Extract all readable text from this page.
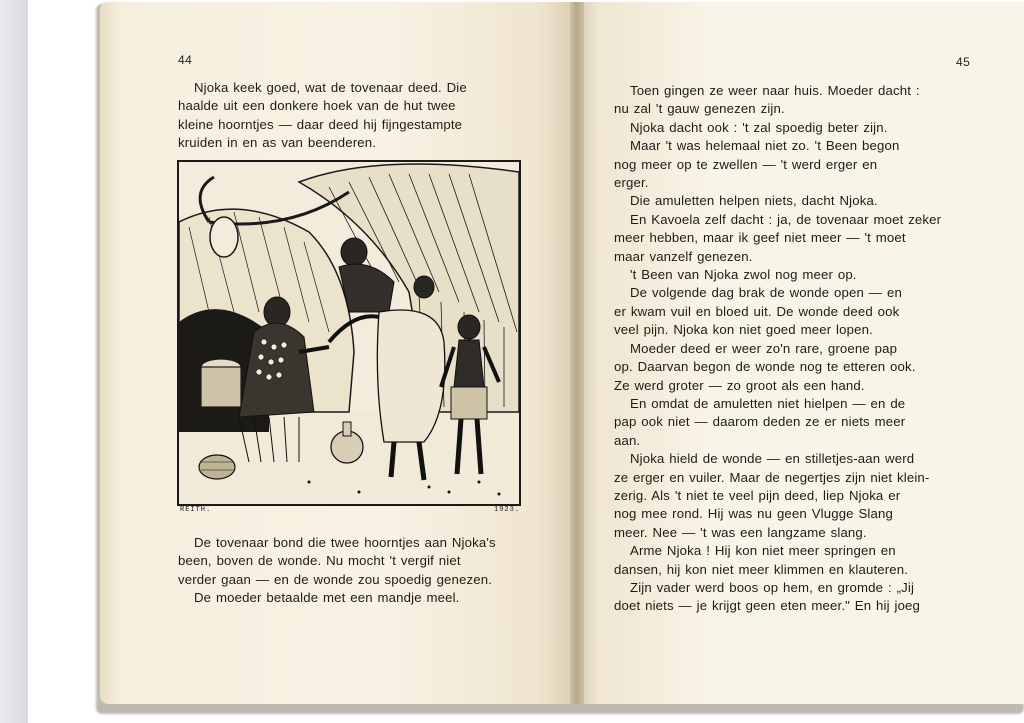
44	45

Njoka keek goed, wat de tovenaar deed. Die
haalde uit een donkere hoek van de hut twee
kleine hoorntjes — daar deed hij fijngestampte
kruiden in en as van beenderen.

REITH.	1923.

De tovenaar bond die twee hoorntjes aan Njoka's
been, boven de wonde. Nu mocht 't vergif niet
verder gaan — en de wonde zou spoedig genezen.
De moeder betaalde met een mandje meel.

Toen gingen ze weer naar huis. Moeder dacht :
nu zal 't gauw genezen zijn.
Njoka dacht ook : 't zal spoedig beter zijn.
Maar 't was helemaal niet zo. 't Been begon
nog meer op te zwellen — 't werd erger en
erger.
Die amuletten helpen niets, dacht Njoka.
En Kavoela zelf dacht : ja, de tovenaar moet zeker
meer hebben, maar ik geef niet meer — 't moet
maar vanzelf genezen.
't Been van Njoka zwol nog meer op.
De volgende dag brak de wonde open — en
er kwam vuil en bloed uit. De wonde deed ook
veel pijn. Njoka kon niet goed meer lopen.
Moeder deed er weer zo'n rare, groene pap
op. Daarvan begon de wonde nog te etteren ook.
Ze werd groter — zo groot als een hand.
En omdat de amuletten niet hielpen — en de
pap ook niet — daarom deden ze er niets meer
aan.
Njoka hield de wonde — en stilletjes-aan werd
ze erger en vuiler. Maar de negertjes zijn niet klein-
zerig. Als 't niet te veel pijn deed, liep Njoka er
nog mee rond. Hij was nu geen Vlugge Slang
meer. Nee — 't was een langzame slang.
Arme Njoka ! Hij kon niet meer springen en
dansen, hij kon niet meer klimmen en klauteren.
Zijn vader werd boos op hem, en gromde : „Jij
doet niets — je krijgt geen eten meer." En hij joeg
